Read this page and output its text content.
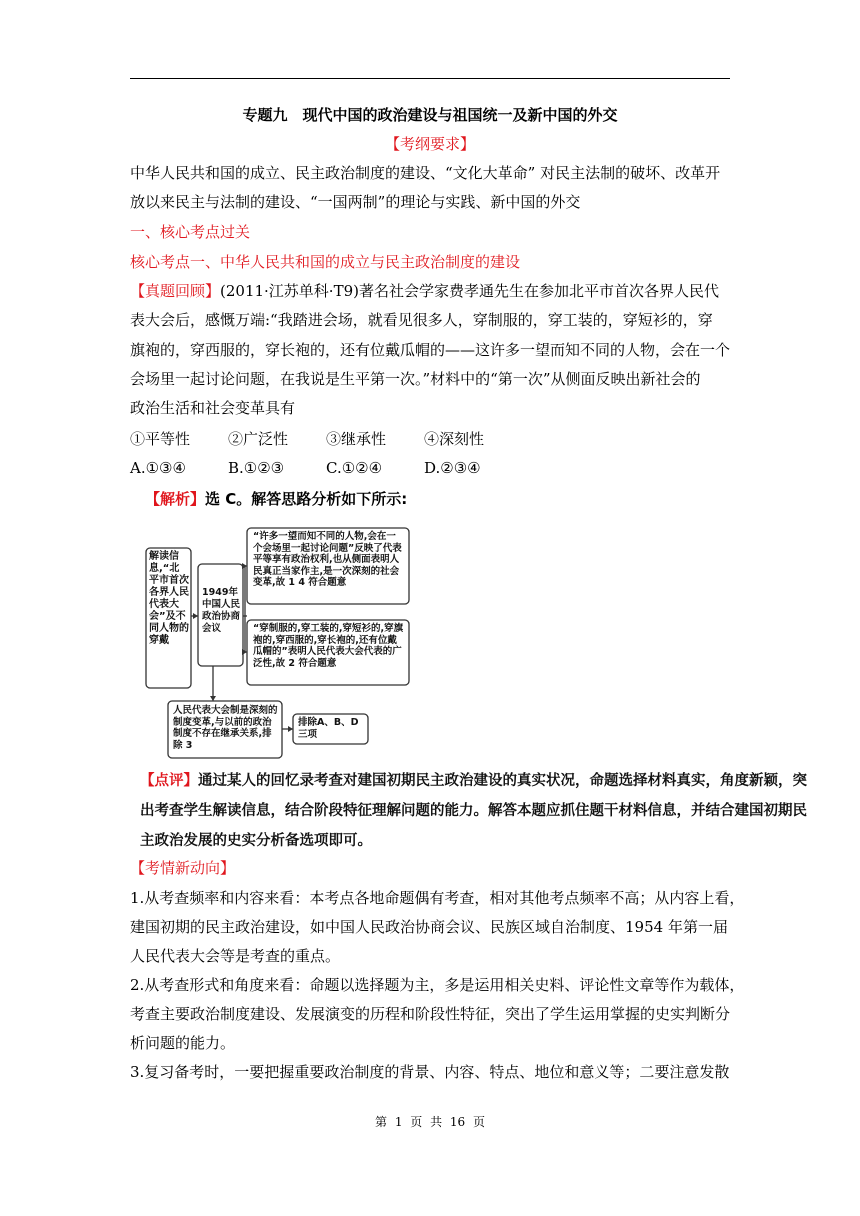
专题九　现代中国的政治建设与祖国统一及新中国的外交
【考纲要求】
中华人民共和国的成立、民主政治制度的建设、“文化大革命” 对民主法制的破坏、改革开
放以来民主与法制的建设、“一国两制”的理论与实践、新中国的外交
一、核心考点过关
核心考点一、中华人民共和国的成立与民主政治制度的建设
【真题回顾】(2011·江苏单科·T9)著名社会学家费孝通先生在参加北平市首次各界人民代
表大会后，感慨万端:“我踏进会场，就看见很多人，穿制服的，穿工装的，穿短衫的，穿
旗袍的，穿西服的，穿长袍的，还有位戴瓜帽的——这许多一望而知不同的人物，会在一个
会场里一起讨论问题，在我说是生平第一次。”材料中的“第一次”从侧面反映出新社会的
政治生活和社会变革具有
①平等性	②广泛性	③继承性	④深刻性
A.①③④	B.①②③	C.①②④	D.②③④
【解析】选 C。解答思路分析如下所示:
解读信息,“北平市首次各界人民代表大会”及不同人物的穿戴
1949年中国人民政治协商会议
“许多一望而知不同的人物,会在一个会场里一起讨论问题”反映了代表平等享有政治权利,也从侧面表明人民真正当家作主,是一次深刻的社会变革,故 1 4 符合题意
“穿制服的,穿工装的,穿短衫的,穿旗袍的,穿西服的,穿长袍的,还有位戴瓜帽的”表明人民代表大会代表的广泛性,故 2 符合题意
人民代表大会制是深刻的制度变革,与以前的政治制度不存在继承关系,排除 3
排除A、B、D三项
【点评】通过某人的回忆录考查对建国初期民主政治建设的真实状况，命题选择材料真实，角度新颖，突
出考查学生解读信息，结合阶段特征理解问题的能力。解答本题应抓住题干材料信息，并结合建国初期民
主政治发展的史实分析备选项即可。
【考情新动向】
1.从考查频率和内容来看：本考点各地命题偶有考查，相对其他考点频率不高；从内容上看，
建国初期的民主政治建设，如中国人民政治协商会议、民族区域自治制度、1954 年第一届
人民代表大会等是考查的重点。
2.从考查形式和角度来看：命题以选择题为主，多是运用相关史料、评论性文章等作为载体，
考查主要政治制度建设、发展演变的历程和阶段性特征，突出了学生运用掌握的史实判断分
析问题的能力。
3.复习备考时，一要把握重要政治制度的背景、内容、特点、地位和意义等；二要注意发散
第 1 页 共 16 页
